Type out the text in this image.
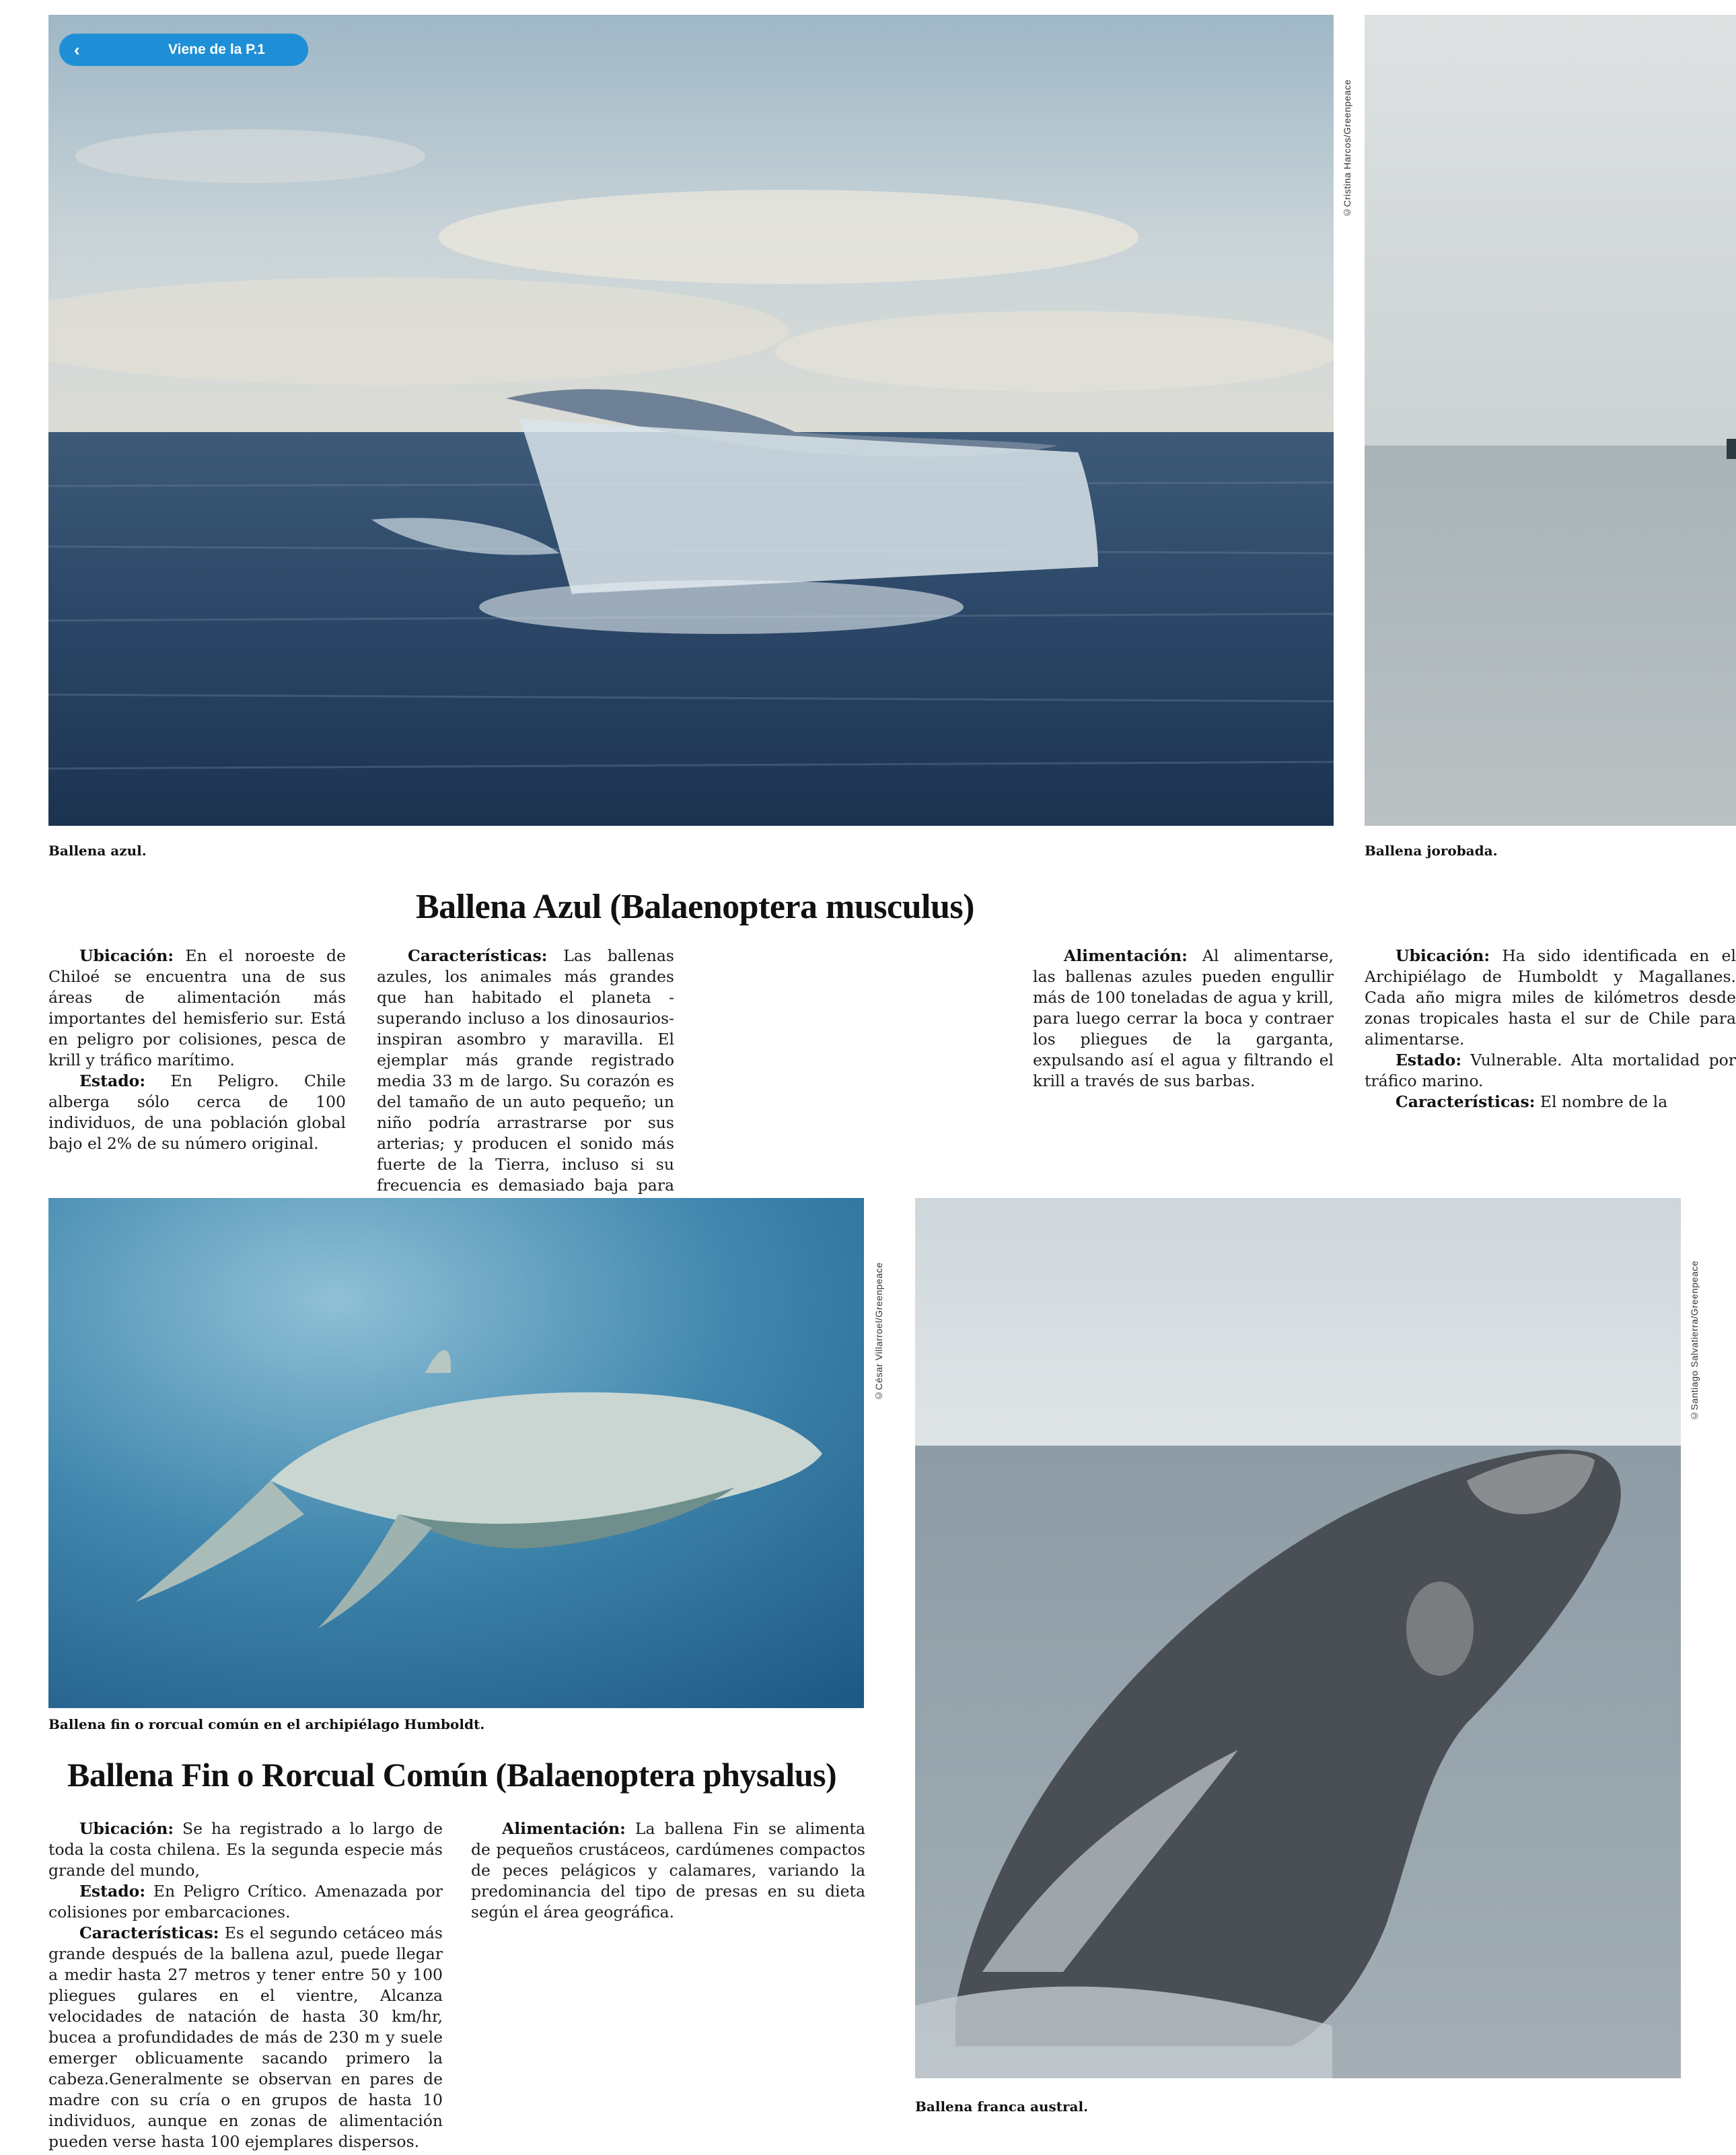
©Cristina Harcos/Greenpeace
Ballena azul.
‹	Viene de la P.1
Ballena jorobada.
Ballena Azul (Balaenoptera musculus)

Ubicación: En el noroeste de Chiloé se encuentra una de sus áreas de alimentación más importantes del hemisferio sur. Está en peligro por colisiones, pesca de krill y tráfico marítimo.

Estado: En Peligro. Chile alberga sólo cerca de 100 individuos, de una población global bajo el 2% de su número original.

Características: Las ballenas azules, los animales más grandes que han habitado el planeta -superando incluso a los dinosaurios- inspiran asombro y maravilla. El ejemplar más grande registrado media 33 m de largo. Su corazón es del tamaño de un auto pequeño; un niño podría arrastrarse por sus arterias; y producen el sonido más fuerte de la Tierra, incluso si su frecuencia es demasiado baja para

Alimentación: Al alimentarse, las ballenas azules pueden engullir más de 100 toneladas de agua y krill, para luego cerrar la boca y contraer los pliegues de la garganta, expulsando así el agua y filtrando el krill a través de sus barbas.

Ubicación: Ha sido identificada en el Archipiélago de Humboldt y Magallanes. Cada año migra miles de kilómetros desde zonas tropicales hasta el sur de Chile para alimentarse.

Estado: Vulnerable. Alta mortalidad por tráfico marino.

Características: El nombre de la

©César Villarroel/Greenpeace
Ballena fin o rorcual común en el archipiélago Humboldt.
Ballena Fin o Rorcual Común (Balaenoptera physalus)

Ubicación: Se ha registrado a lo largo de toda la costa chilena. Es la segunda especie más grande del mundo,

Estado: En Peligro Crítico. Amenazada por colisiones por embarcaciones.

Características: Es el segundo cetáceo más grande después de la ballena azul, puede llegar a medir hasta 27 metros y tener entre 50 y 100 pliegues gulares en el vientre, Alcanza velocidades de natación de hasta 30 km/hr, bucea a profundidades de más de 230 m y suele emerger oblicuamente sacando primero la cabeza.Generalmente se observan en pares de madre con su cría o en grupos de hasta 10 individuos, aunque en zonas de alimentación pueden verse hasta 100 ejemplares dispersos.

Alimentación: La ballena Fin se alimenta de pequeños crustáceos, cardúmenes compactos de peces pelágicos y calamares, variando la predominancia del tipo de presas en su dieta según el área geográfica.

©Santiago Salvatierra/Greenpeace
Ballena franca austral.
